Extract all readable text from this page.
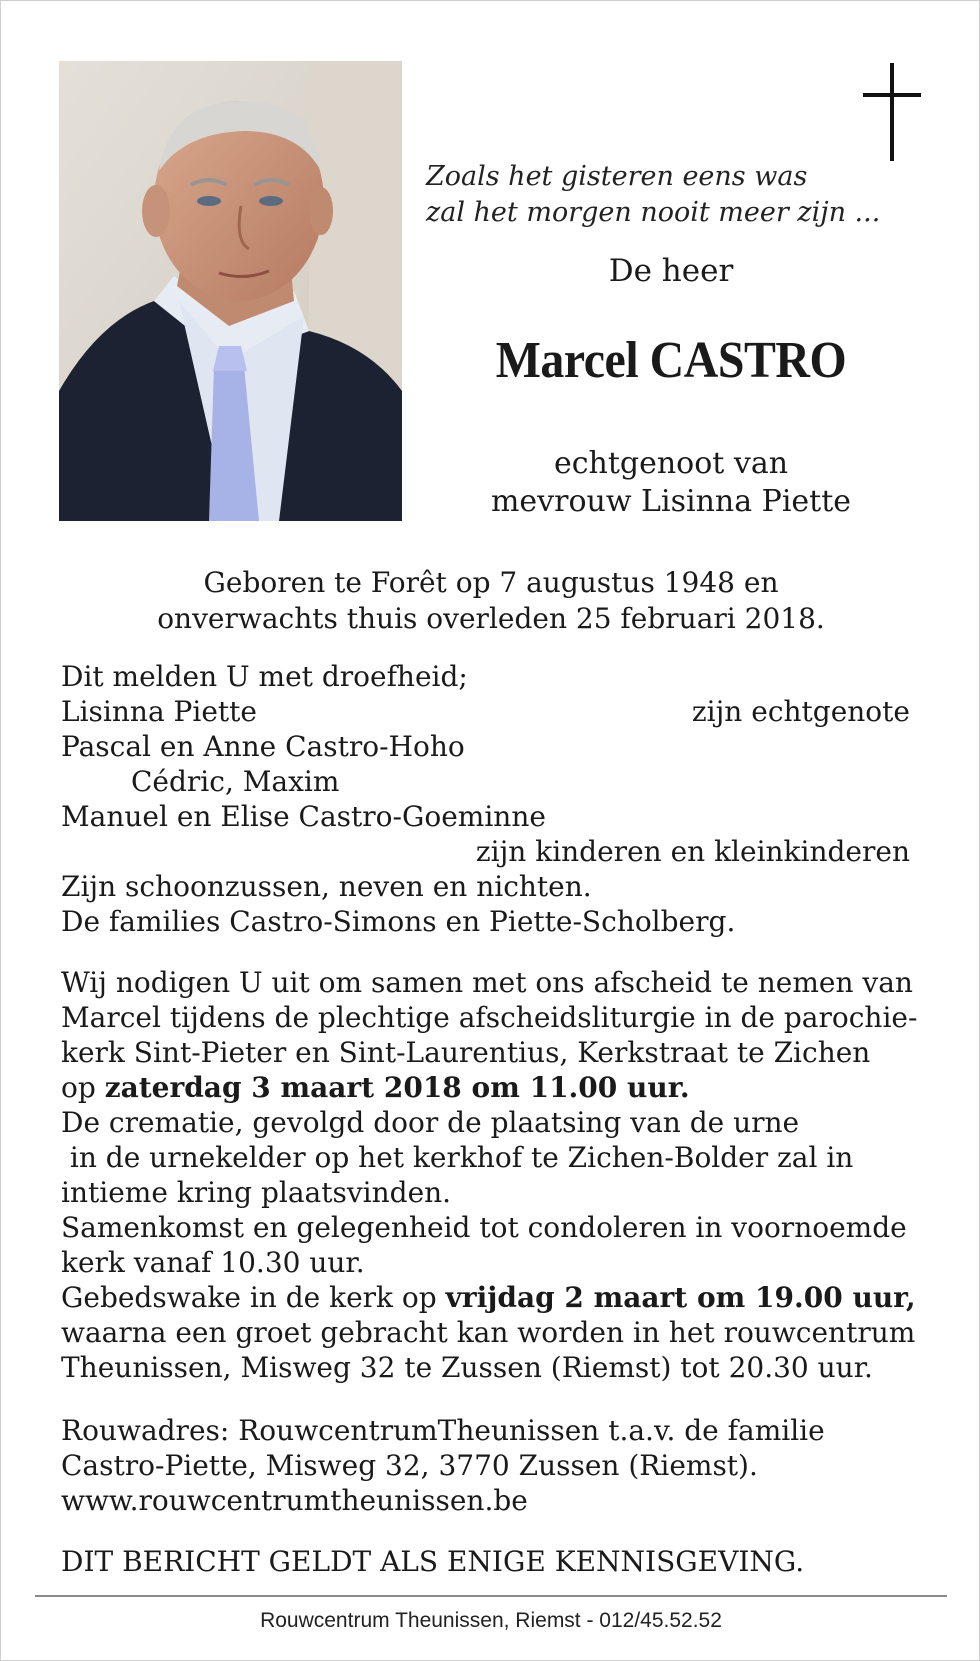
Zoals het gisteren eens was
zal het morgen nooit meer zijn ...
De heer
Marcel CASTRO
echtgenoot van
mevrouw Lisinna Piette
Geboren te Forêt op 7 augustus 1948 en
onverwachts thuis overleden 25 februari 2018.
Dit melden U met droefheid;
Lisinna Piette	zijn echtgenote
Pascal en Anne Castro-Hoho
Cédric, Maxim
Manuel en Elise Castro-Goeminne
zijn kinderen en kleinkinderen
Zijn schoonzussen, neven en nichten.
De families Castro-Simons en Piette-Scholberg.
Wij nodigen U uit om samen met ons afscheid te nemen van
Marcel tijdens de plechtige afscheidsliturgie in de parochie-
kerk Sint-Pieter en Sint-Laurentius, Kerkstraat te Zichen
op zaterdag 3 maart 2018 om 11.00 uur.
De crematie, gevolgd door de plaatsing van de urne
in de urnekelder op het kerkhof te Zichen-Bolder zal in
intieme kring plaatsvinden.
Samenkomst en gelegenheid tot condoleren in voornoemde
kerk vanaf 10.30 uur.
Gebedswake in de kerk op vrijdag 2 maart om 19.00 uur,
waarna een groet gebracht kan worden in het rouwcentrum
Theunissen, Misweg 32 te Zussen (Riemst) tot 20.30 uur.
Rouwadres: RouwcentrumTheunissen t.a.v. de familie
Castro-Piette, Misweg 32, 3770 Zussen (Riemst).
www.rouwcentrumtheunissen.be
DIT BERICHT GELDT ALS ENIGE KENNISGEVING.
Rouwcentrum Theunissen, Riemst - 012/45.52.52
